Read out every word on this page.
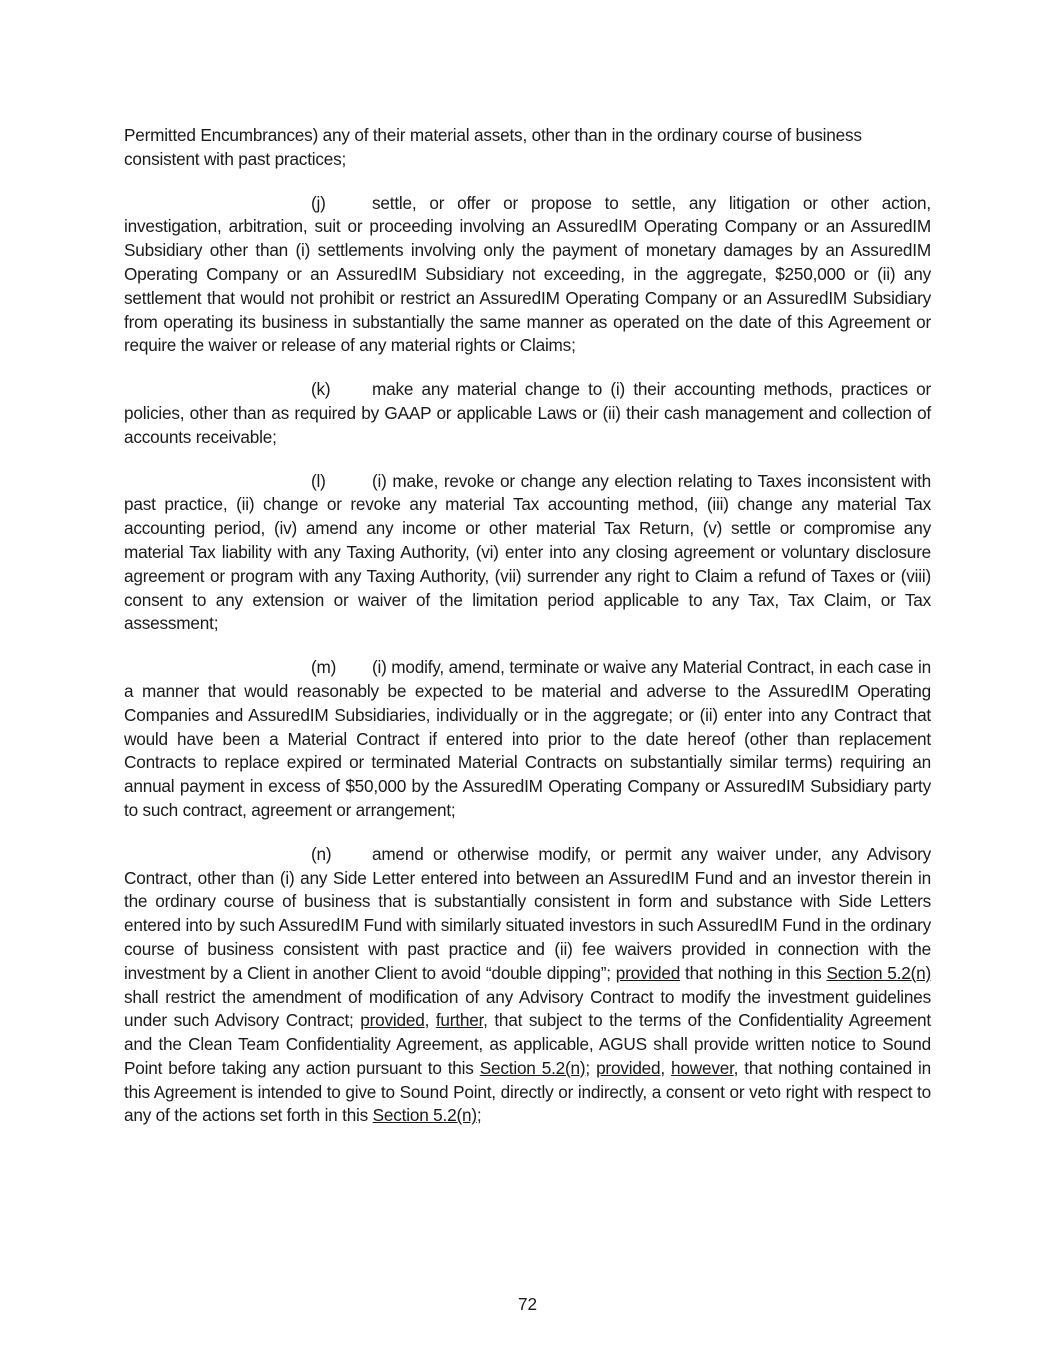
Permitted Encumbrances) any of their material assets, other than in the ordinary course of business consistent with past practices;

(j)	settle, or offer or propose to settle, any litigation or other action, investigation, arbitration, suit or proceeding involving an AssuredIM Operating Company or an AssuredIM Subsidiary other than (i) settlements involving only the payment of monetary damages by an AssuredIM Operating Company or an AssuredIM Subsidiary not exceeding, in the aggregate, $250,000 or (ii) any settlement that would not prohibit or restrict an AssuredIM Operating Company or an AssuredIM Subsidiary from operating its business in substantially the same manner as operated on the date of this Agreement or require the waiver or release of any material rights or Claims;

(k) make any material change to (i) their accounting methods, practices or policies, other than as required by GAAP or applicable Laws or (ii) their cash management and collection of accounts receivable;

(l)	(i) make, revoke or change any election relating to Taxes inconsistent with past practice, (ii) change or revoke any material Tax accounting method, (iii) change any material Tax accounting period, (iv) amend any income or other material Tax Return, (v) settle or compromise any material Tax liability with any Taxing Authority, (vi) enter into any closing agreement or voluntary disclosure agreement or program with any Taxing Authority, (vii) surrender any right to Claim a refund of Taxes or (viii) consent to any extension or waiver of the limitation period applicable to any Tax, Tax Claim, or Tax assessment;

(m) (i) modify, amend, terminate or waive any Material Contract, in each case in a manner that would reasonably be expected to be material and adverse to the AssuredIM Operating Companies and AssuredIM Subsidiaries, individually or in the aggregate; or (ii) enter into any Contract that would have been a Material Contract if entered into prior to the date hereof (other than replacement Contracts to replace expired or terminated Material Contracts on substantially similar terms) requiring an annual payment in excess of $50,000 by the AssuredIM Operating Company or AssuredIM Subsidiary party to such contract, agreement or arrangement;

(n) amend or otherwise modify, or permit any waiver under, any Advisory Contract, other than (i) any Side Letter entered into between an AssuredIM Fund and an investor therein in the ordinary course of business that is substantially consistent in form and substance with Side Letters entered into by such AssuredIM Fund with similarly situated investors in such AssuredIM Fund in the ordinary course of business consistent with past practice and (ii) fee waivers provided in connection with the investment by a Client in another Client to avoid “double dipping”; provided that nothing in this Section 5.2(n) shall restrict the amendment of modification of any Advisory Contract to modify the investment guidelines under such Advisory Contract; provided, further, that subject to the terms of the Confidentiality Agreement and the Clean Team Confidentiality Agreement, as applicable, AGUS shall provide written notice to Sound Point before taking any action pursuant to this Section 5.2(n); provided, however, that nothing contained in this Agreement is intended to give to Sound Point, directly or indirectly, a consent or veto right with respect to any of the actions set forth in this Section 5.2(n);

72
